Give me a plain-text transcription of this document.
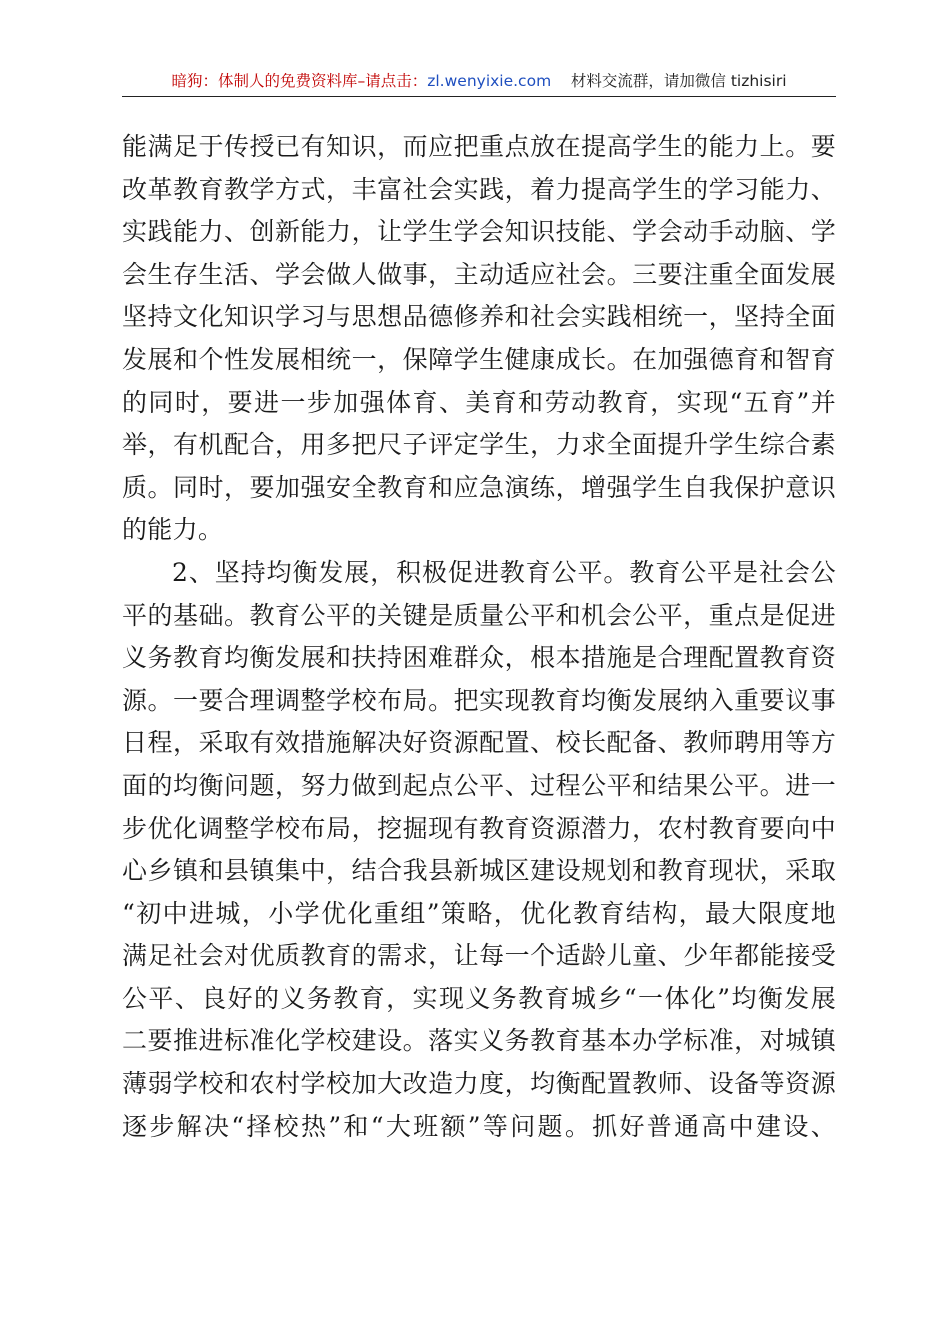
暗狗：体制人的免费资料库–请点击：zl.wenyixie.com 材料交流群，请加微信 tizhisiri
能满足于传授已有知识，而应把重点放在提高学生的能力上。要
改革教育教学方式，丰富社会实践，着力提高学生的学习能力、
实践能力、创新能力，让学生学会知识技能、学会动手动脑、学
会生存生活、学会做人做事，主动适应社会。三要注重全面发展
坚持文化知识学习与思想品德修养和社会实践相统一，坚持全面
发展和个性发展相统一，保障学生健康成长。在加强德育和智育
的同时，要进一步加强体育、美育和劳动教育，实现“五育”并
举，有机配合，用多把尺子评定学生，力求全面提升学生综合素
质。同时，要加强安全教育和应急演练，增强学生自我保护意识
的能力。
2、坚持均衡发展，积极促进教育公平。教育公平是社会公
平的基础。教育公平的关键是质量公平和机会公平，重点是促进
义务教育均衡发展和扶持困难群众，根本措施是合理配置教育资
源。一要合理调整学校布局。把实现教育均衡发展纳入重要议事
日程，采取有效措施解决好资源配置、校长配备、教师聘用等方
面的均衡问题，努力做到起点公平、过程公平和结果公平。进一
步优化调整学校布局，挖掘现有教育资源潜力，农村教育要向中
心乡镇和县镇集中，结合我县新城区建设规划和教育现状，采取
“初中进城，小学优化重组”策略，优化教育结构，最大限度地
满足社会对优质教育的需求，让每一个适龄儿童、少年都能接受
公平、良好的义务教育，实现义务教育城乡“一体化”均衡发展
二要推进标准化学校建设。落实义务教育基本办学标准，对城镇
薄弱学校和农村学校加大改造力度，均衡配置教师、设备等资源
逐步解决“择校热”和“大班额”等问题。抓好普通高中建设、
